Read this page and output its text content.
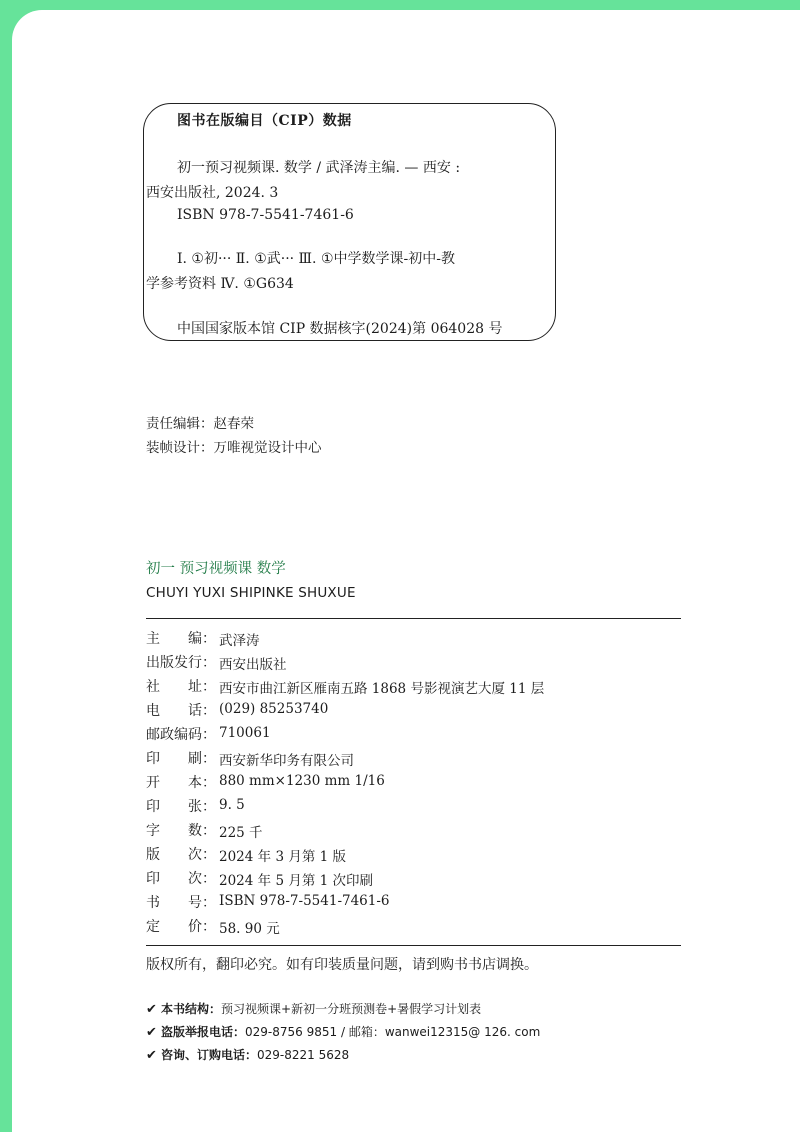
图书在版编目（CIP）数据
初一预习视频课. 数学 / 武泽涛主编. — 西安 :
西安出版社, 2024. 3
ISBN 978-7-5541-7461-6
Ⅰ. ①初··· Ⅱ. ①武··· Ⅲ. ①中学数学课-初中-教
学参考资料 Ⅳ. ①G634
中国国家版本馆 CIP 数据核字(2024)第 064028 号
责任编辑：赵春荣
装帧设计：万唯视觉设计中心
初一 预习视频课 数学
CHUYI YUXI SHIPINKE SHUXUE
主　　编： 武泽涛
出版发行： 西安出版社
社　　址： 西安市曲江新区雁南五路 1868 号影视演艺大厦 11 层
电　　话： (029) 85253740
邮政编码： 710061
印　　刷： 西安新华印务有限公司
开　　本： 880 mm×1230 mm 1/16
印　　张： 9. 5
字　　数： 225 千
版　　次： 2024 年 3 月第 1 版
印　　次： 2024 年 5 月第 1 次印刷
书　　号： ISBN 978-7-5541-7461-6
定　　价： 58. 90 元
版权所有，翻印必究。如有印装质量问题，请到购书书店调换。
✔ 本书结构：预习视频课+新初一分班预测卷+暑假学习计划表
✔ 盗版举报电话：029-8756 9851 / 邮箱：wanwei12315@ 126. com
✔ 咨询、订购电话：029-8221 5628
